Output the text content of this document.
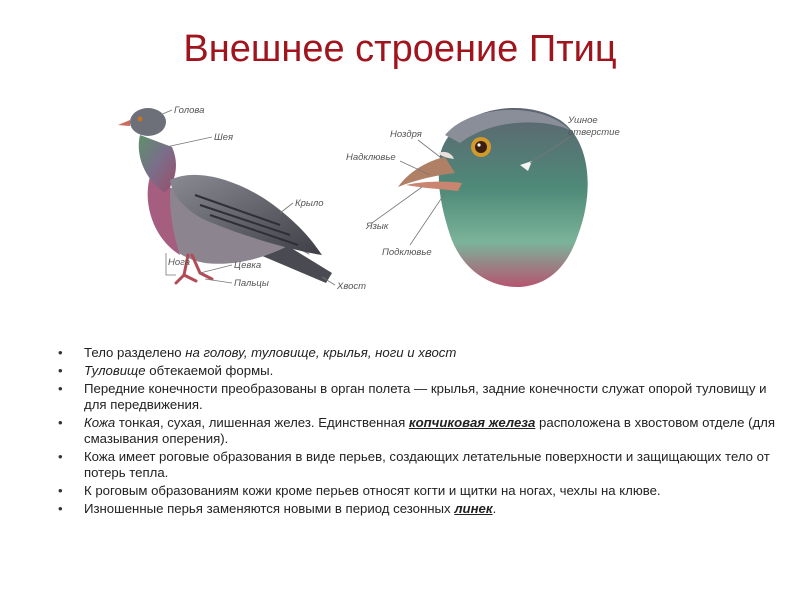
Внешнее строение Птиц
Голова
Шея
Крыло
Нога	Цевка
Пальцы	Хвост
Ноздря
Надклювье
Язык
Подклювье
Ушное
отверстие
• Тело разделено на голову, туловище, крылья, ноги и хвост
• Туловище обтекаемой формы.
• Передние конечности преобразованы в орган полета — крылья, задние конечности служат опорой туловищу и для передвижения.
• Кожа тонкая, сухая, лишенная желез. Единственная копчиковая железа расположена в хвостовом отделе (для смазывания оперения).
• Кожа имеет роговые образования в виде перьев, создающих летательные поверхности и защищающих тело от потерь тепла.
• К роговым образованиям кожи кроме перьев относят когти и щитки на ногах, чехлы на клюве.
• Изношенные перья заменяются новыми в период сезонных линек.
